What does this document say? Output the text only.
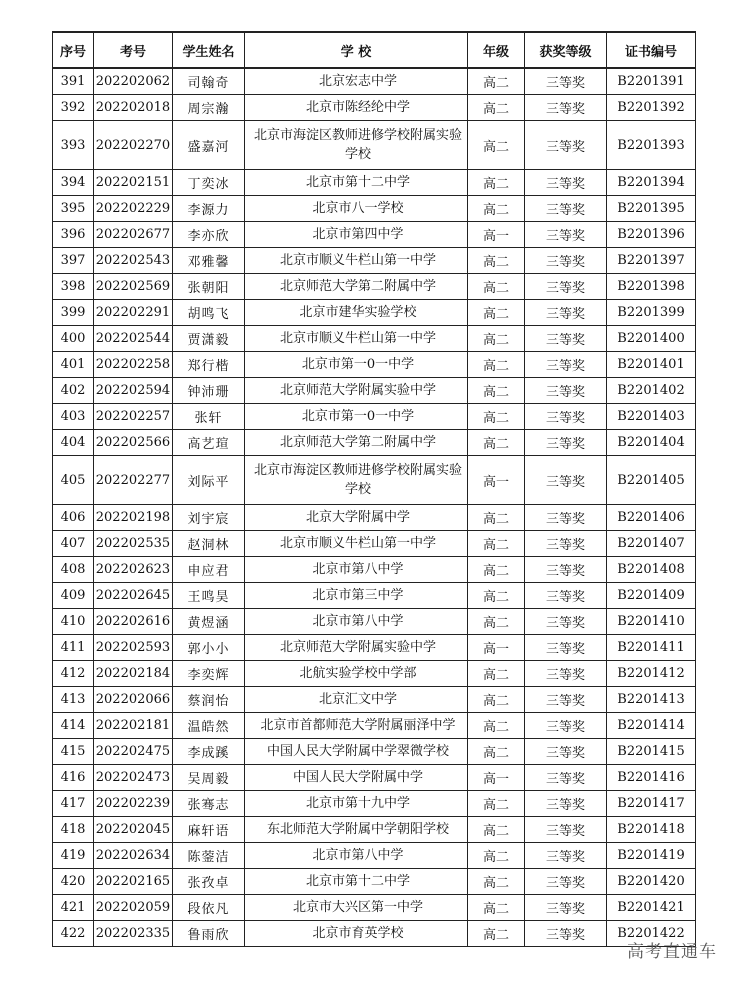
序号	考号	学生姓名	学 校	年级	获奖等级	证书编号
391	202202062	司翰奇	北京宏志中学	高二	三等奖	B2201391
392	202202018	周宗瀚	北京市陈经纶中学	高二	三等奖	B2201392
393	202202270	盛嘉河	北京市海淀区教师进修学校附属实验学校	高二	三等奖	B2201393
394	202202151	丁奕冰	北京市第十二中学	高二	三等奖	B2201394
395	202202229	李源力	北京市八一学校	高二	三等奖	B2201395
396	202202677	李亦欣	北京市第四中学	高一	三等奖	B2201396
397	202202543	邓雅馨	北京市顺义牛栏山第一中学	高二	三等奖	B2201397
398	202202569	张朝阳	北京师范大学第二附属中学	高二	三等奖	B2201398
399	202202291	胡鸣飞	北京市建华实验学校	高二	三等奖	B2201399
400	202202544	贾潇毅	北京市顺义牛栏山第一中学	高二	三等奖	B2201400
401	202202258	郑行楷	北京市第一0一中学	高二	三等奖	B2201401
402	202202594	钟沛珊	北京师范大学附属实验中学	高二	三等奖	B2201402
403	202202257	张轩	北京市第一0一中学	高二	三等奖	B2201403
404	202202566	高艺瑄	北京师范大学第二附属中学	高二	三等奖	B2201404
405	202202277	刘际平	北京市海淀区教师进修学校附属实验学校	高一	三等奖	B2201405
406	202202198	刘宇宸	北京大学附属中学	高二	三等奖	B2201406
407	202202535	赵洞林	北京市顺义牛栏山第一中学	高二	三等奖	B2201407
408	202202623	申应君	北京市第八中学	高二	三等奖	B2201408
409	202202645	王鸣昊	北京市第三中学	高二	三等奖	B2201409
410	202202616	黄煜涵	北京市第八中学	高二	三等奖	B2201410
411	202202593	郭小小	北京师范大学附属实验中学	高一	三等奖	B2201411
412	202202184	李奕辉	北航实验学校中学部	高二	三等奖	B2201412
413	202202066	蔡润怡	北京汇文中学	高二	三等奖	B2201413
414	202202181	温皓然	北京市首都师范大学附属丽泽中学	高二	三等奖	B2201414
415	202202475	李成蹊	中国人民大学附属中学翠微学校	高二	三等奖	B2201415
416	202202473	吴周毅	中国人民大学附属中学	高一	三等奖	B2201416
417	202202239	张骞志	北京市第十九中学	高二	三等奖	B2201417
418	202202045	麻轩语	东北师范大学附属中学朝阳学校	高二	三等奖	B2201418
419	202202634	陈蓥洁	北京市第八中学	高二	三等奖	B2201419
420	202202165	张孜卓	北京市第十二中学	高二	三等奖	B2201420
421	202202059	段依凡	北京市大兴区第一中学	高二	三等奖	B2201421
422	202202335	鲁雨欣	北京市育英学校	高二	三等奖	B2201422
高考直通车
